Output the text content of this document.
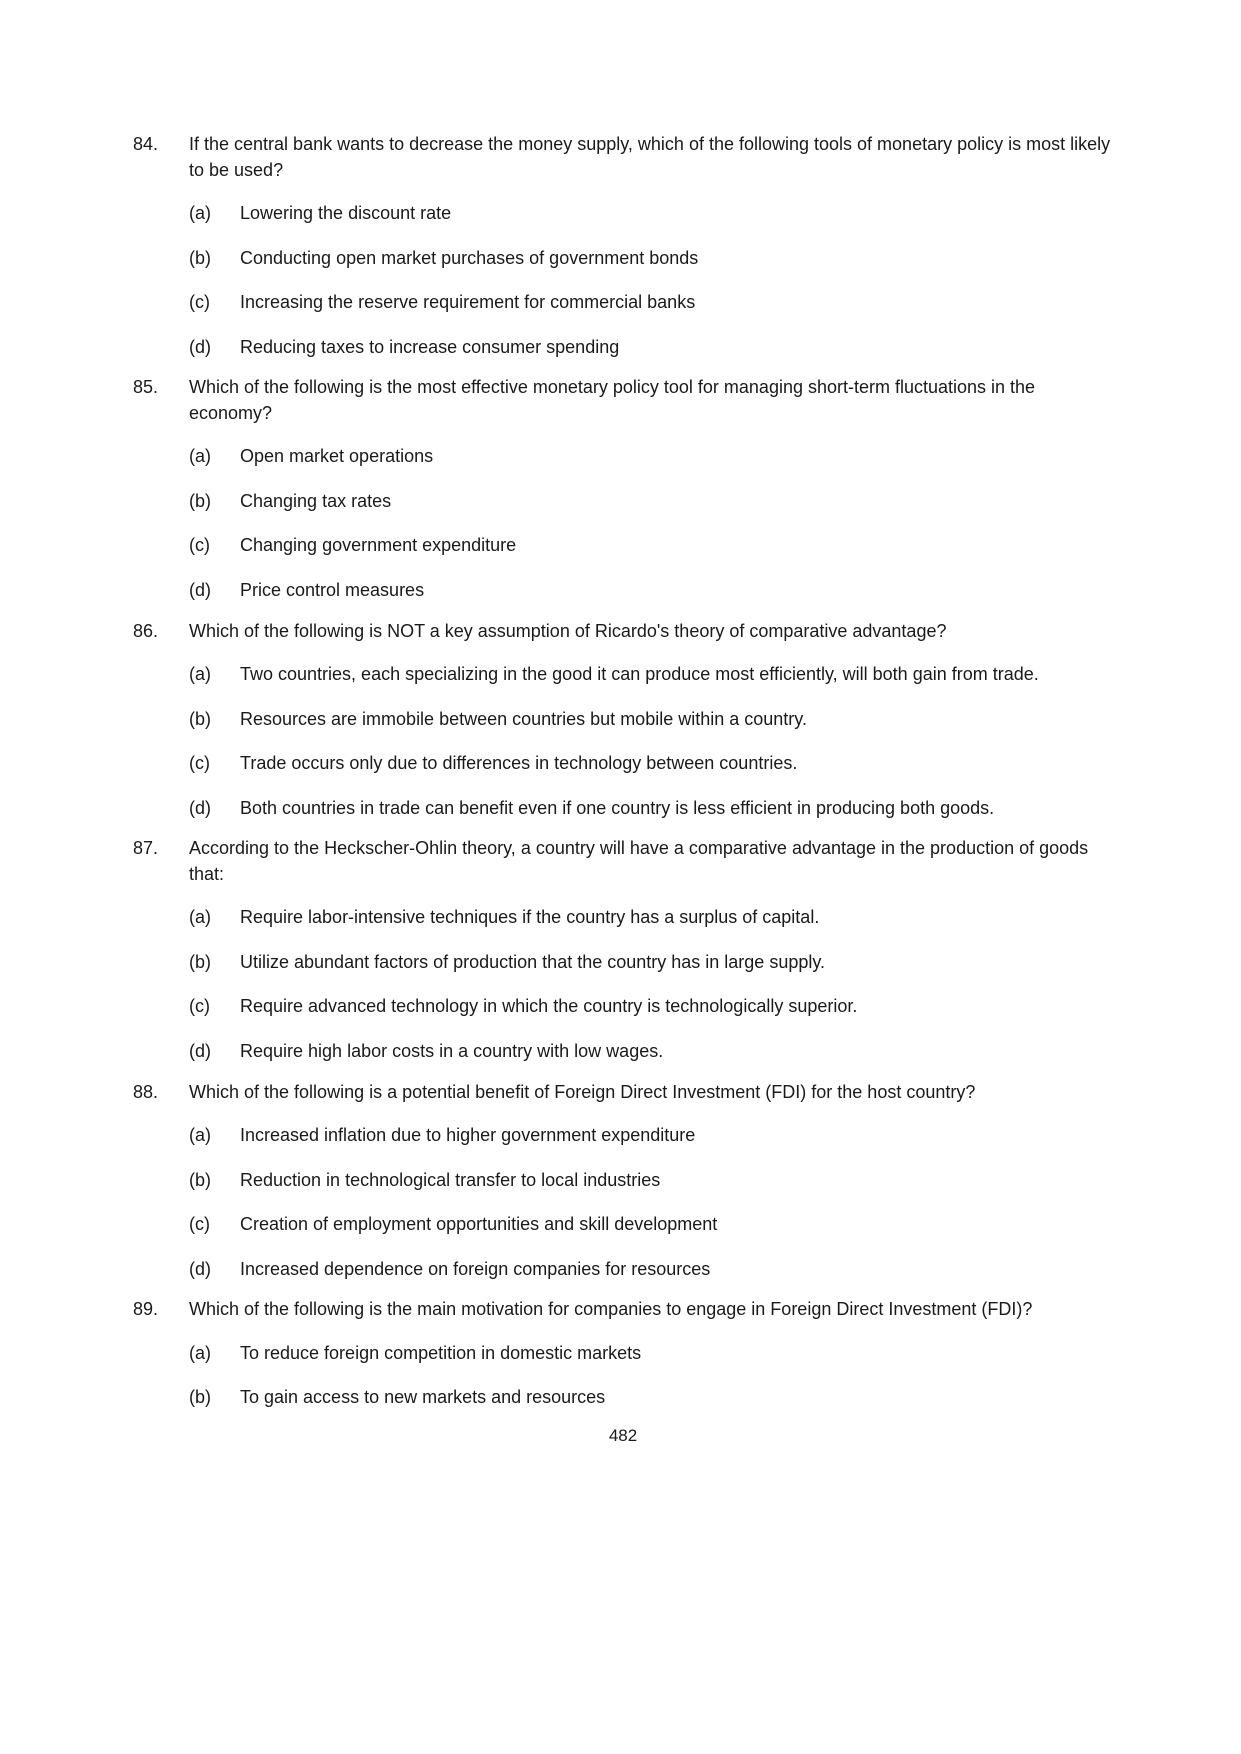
84.	If the central bank wants to decrease the money supply, which of the following tools of monetary policy is most likely to be used?
(a)	Lowering the discount rate
(b)	Conducting open market purchases of government bonds
(c)	Increasing the reserve requirement for commercial banks
(d)	Reducing taxes to increase consumer spending
85.	Which of the following is the most effective monetary policy tool for managing short-term fluctuations in the economy?
(a)	Open market operations
(b)	Changing tax rates
(c)	Changing government expenditure
(d)	Price control measures
86.	Which of the following is NOT a key assumption of Ricardo's theory of comparative advantage?
(a)	Two countries, each specializing in the good it can produce most efficiently, will both gain from trade.
(b)	Resources are immobile between countries but mobile within a country.
(c)	Trade occurs only due to differences in technology between countries.
(d)	Both countries in trade can benefit even if one country is less efficient in producing both goods.
87.	According to the Heckscher-Ohlin theory, a country will have a comparative advantage in the production of goods that:
(a)	Require labor-intensive techniques if the country has a surplus of capital.
(b)	Utilize abundant factors of production that the country has in large supply.
(c)	Require advanced technology in which the country is technologically superior.
(d)	Require high labor costs in a country with low wages.
88.	Which of the following is a potential benefit of Foreign Direct Investment (FDI) for the host country?
(a)	Increased inflation due to higher government expenditure
(b)	Reduction in technological transfer to local industries
(c)	Creation of employment opportunities and skill development
(d)	Increased dependence on foreign companies for resources
89.	Which of the following is the main motivation for companies to engage in Foreign Direct Investment (FDI)?
(a)	To reduce foreign competition in domestic markets
(b)	To gain access to new markets and resources
482
